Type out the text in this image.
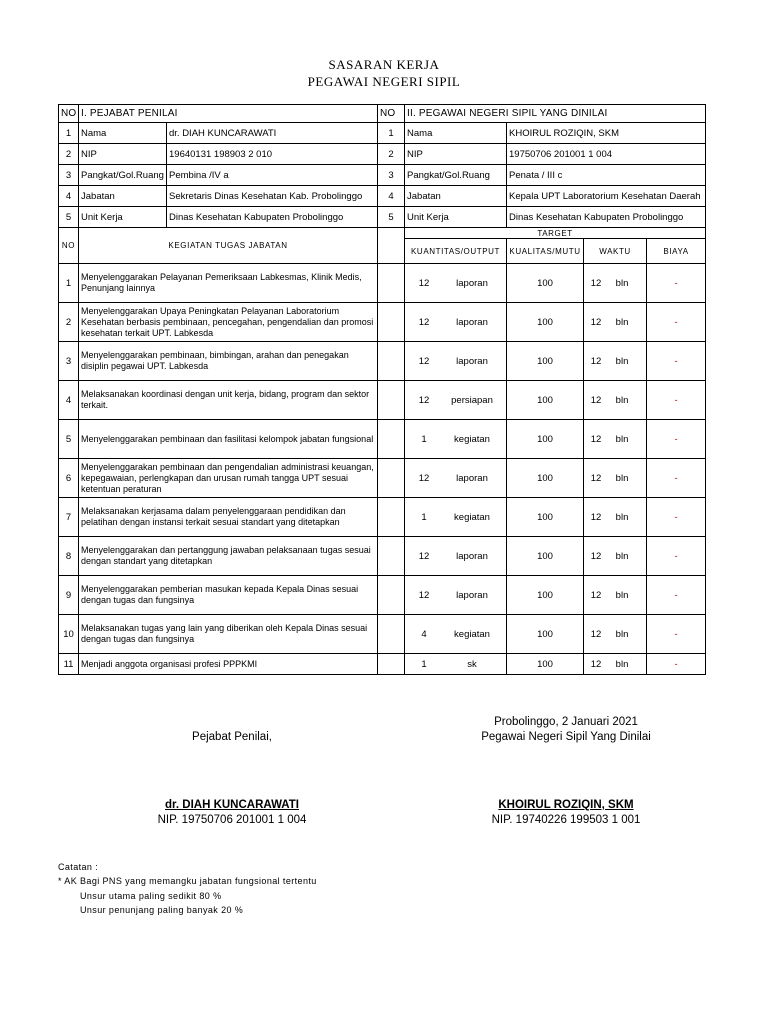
SASARAN KERJA
PEGAWAI NEGERI SIPIL
NO	I. PEJABAT PENILAI		NO	II. PEGAWAI NEGERI SIPIL YANG DINILAI			
1	Nama	dr. DIAH KUNCARAWATI	1	Nama	KHOIRUL ROZIQIN, SKM		
2	NIP	19640131 198903 2 010	2	NIP	19750706 201001 1 004		
3	Pangkat/Gol.Ruang	Pembina /IV a	3	Pangkat/Gol.Ruang	Penata / III c		
4	Jabatan	Sekretaris Dinas Kesehatan Kab. Probolinggo	4	Jabatan	Kepala UPT Laboratorium Kesehatan Daerah		
5	Unit Kerja	Dinas Kesehatan Kabupaten Probolinggo	5	Unit Kerja	Dinas Kesehatan Kabupaten Probolinggo		
NO	KEGIATAN TUGAS JABATAN			TARGET			
				KUANTITAS/OUTPUT	KUALITAS/MUTU	WAKTU	BIAYA
1	Menyelenggarakan Pelayanan Pemeriksaan Labkesmas, Klinik Medis, Penunjang lainnya			12 laporan	100	12 bln	-
2	Menyelenggarakan Upaya Peningkatan Pelayanan Laboratorium Kesehatan berbasis pembinaan, pencegahan, pengendalian dan promosi kesehatan terkait UPT. Labkesda			12 laporan	100	12 bln	-
3	Menyelenggarakan pembinaan, bimbingan, arahan dan penegakan disiplin pegawai UPT. Labkesda			12 laporan	100	12 bln	-
4	Melaksanakan koordinasi dengan unit kerja, bidang, program dan sektor terkait.			12 persiapan	100	12 bln	-
5	Menyelenggarakan pembinaan dan fasilitasi kelompok jabatan fungsional			1 kegiatan	100	12 bln	-
6	Menyelenggarakan pembinaan dan pengendalian administrasi keuangan, kepegawaian, perlengkapan dan urusan rumah tangga UPT sesuai ketentuan peraturan			12 laporan	100	12 bln	-
7	Melaksanakan kerjasama dalam penyelenggaraan pendidikan dan pelatihan dengan instansi terkait sesuai standart yang ditetapkan			1 kegiatan	100	12 bln	-
8	Menyelenggarakan dan pertanggung jawaban pelaksanaan tugas sesuai dengan standart yang ditetapkan			12 laporan	100	12 bln	-
9	Menyelenggarakan pemberian masukan kepada Kepala Dinas sesuai dengan tugas dan fungsinya			12 laporan	100	12 bln	-
10	Melaksanakan tugas yang lain yang diberikan oleh Kepala Dinas sesuai dengan tugas dan fungsinya			4 kegiatan	100	12 bln	-
11	Menjadi anggota organisasi profesi PPPKMI			1 sk	100	12 bln	-
Probolinggo, 2 Januari 2021
Pejabat Penilai,	Pegawai Negeri Sipil Yang Dinilai
dr. DIAH KUNCARAWATI	KHOIRUL ROZIQIN, SKM
NIP. 19750706 201001 1 004	NIP. 19740226 199503 1 001
Catatan :
* AK Bagi PNS yang memangku jabatan fungsional tertentu
Unsur utama paling sedikit 80 %
Unsur penunjang paling banyak 20 %
